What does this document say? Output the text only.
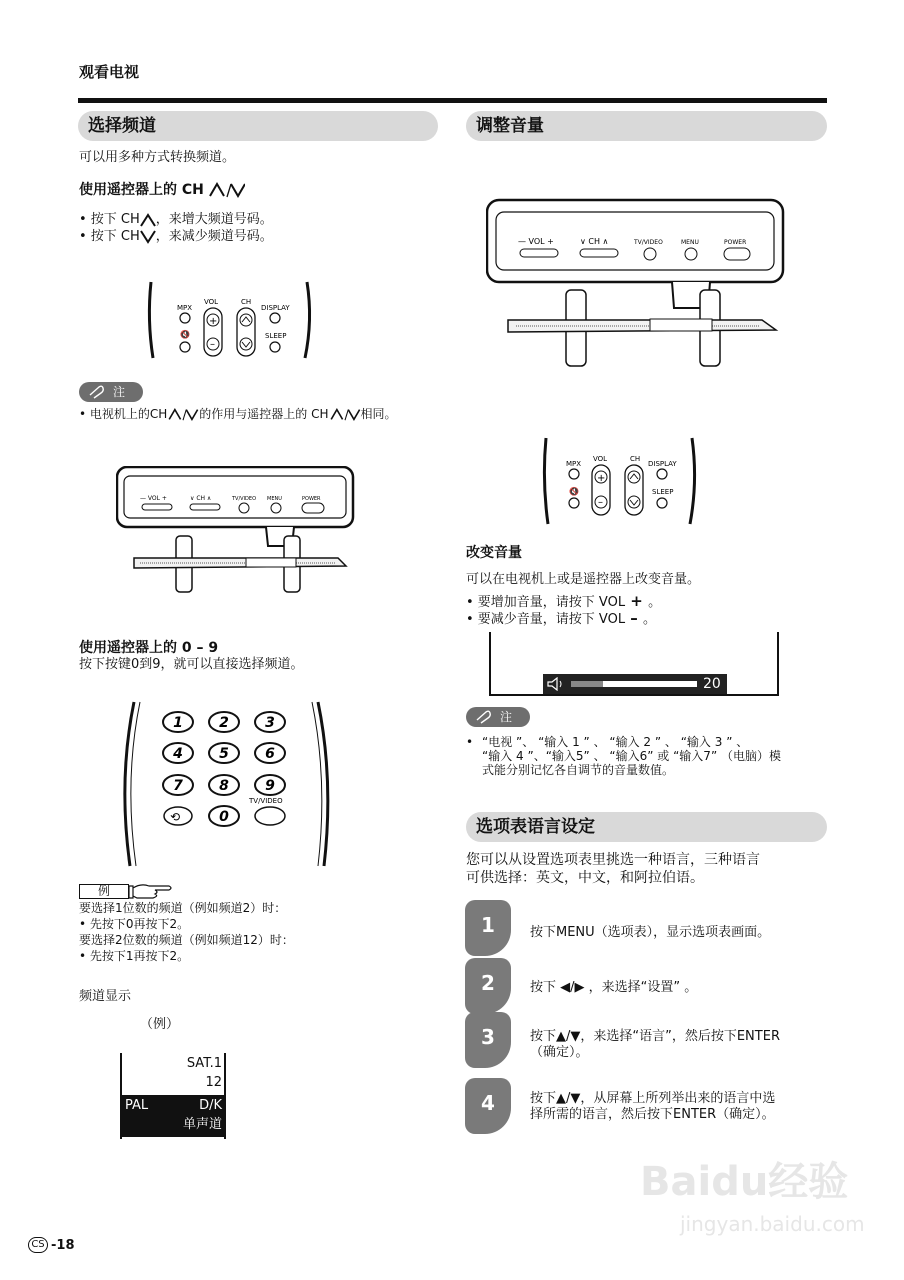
观看电视
选择频道
可以用多种方式转换频道。
使用遥控器上的 CH
• 按下 CH ，来增大频道号码。
• 按下 CH ，来减少频道号码。
MPX
🔇
VOL
+
–
CH
DISPLAY
SLEEP
注
• 电视机上的CH	的作用与遥控器上的 CH	相同。
— VOL +	∨ CH ∧	TV/VIDEO MENU	POWER
使用遥控器上的 0 – 9
按下按键0到9，就可以直接选择频道。
1	2	3
4	5	6
7	8	9
0
TV/VIDEO
⟲
例
要选择1位数的频道（例如频道2）时：
• 先按下0再按下2。
要选择2位数的频道（例如频道12）时：
• 先按下1再按下2。
频道显示
（例）
SAT.1
12
PAL	D/K
单声道
调整音量
— VOL +	∨ CH ∧	TV/VIDEO	MENU	POWER
MPX
🔇
VOL
+
–
CH
DISPLAY
SLEEP
改变音量
可以在电视机上或是遥控器上改变音量。
• 要增加音量，请按下 VOL + 。
• 要减少音量，请按下 VOL – 。
20
注
• “电视 ”、 “输入 1 ” 、 “输入 2 ” 、 “输入 3 ” 、
“输入 4 ”、“输入5” 、 “输入6” 或 “输入7” （电脑）模
式能分别记忆各自调节的音量数值。
选项表语言设定
您可以从设置选项表里挑选一种语言，三种语言
可供选择：英文，中文，和阿拉伯语。
1	按下MENU（选项表），显示选项表画面。
2	按下 ◀/▶ ，来选择“设置” 。
3	按下▲/▼，来选择“语言”，然后按下ENTER
（确定）。
4	按下▲/▼，从屏幕上所列举出来的语言中选
择所需的语言，然后按下ENTER（确定）。
Baidu经验
jingyan.baidu.com
CS -18
